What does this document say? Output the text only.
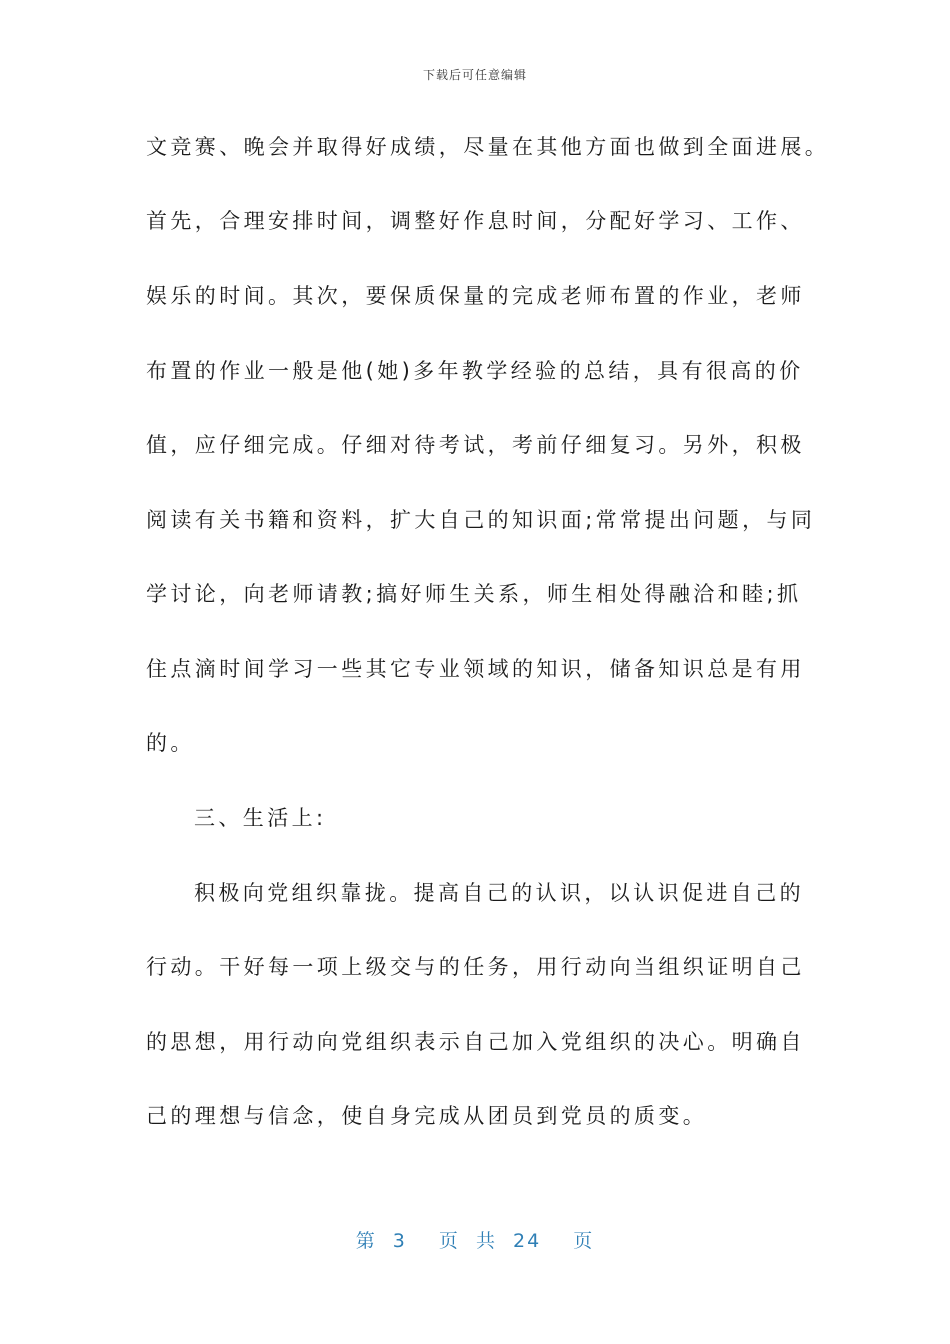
下载后可任意编辑
文竞赛、晚会并取得好成绩，尽量在其他方面也做到全面进展。
首先，合理安排时间，调整好作息时间，分配好学习、工作、
娱乐的时间。其次，要保质保量的完成老师布置的作业，老师
布置的作业一般是他(她)多年教学经验的总结，具有很高的价
值，应仔细完成。仔细对待考试，考前仔细复习。另外，积极
阅读有关书籍和资料，扩大自己的知识面;常常提出问题，与同
学讨论，向老师请教;搞好师生关系，师生相处得融洽和睦;抓
住点滴时间学习一些其它专业领域的知识，储备知识总是有用
的。
三、生活上:
积极向党组织靠拢。提高自己的认识，以认识促进自己的
行动。干好每一项上级交与的任务，用行动向当组织证明自己
的思想，用行动向党组织表示自己加入党组织的决心。明确自
己的理想与信念，使自身完成从团员到党员的质变。
第 3  页 共 24  页
